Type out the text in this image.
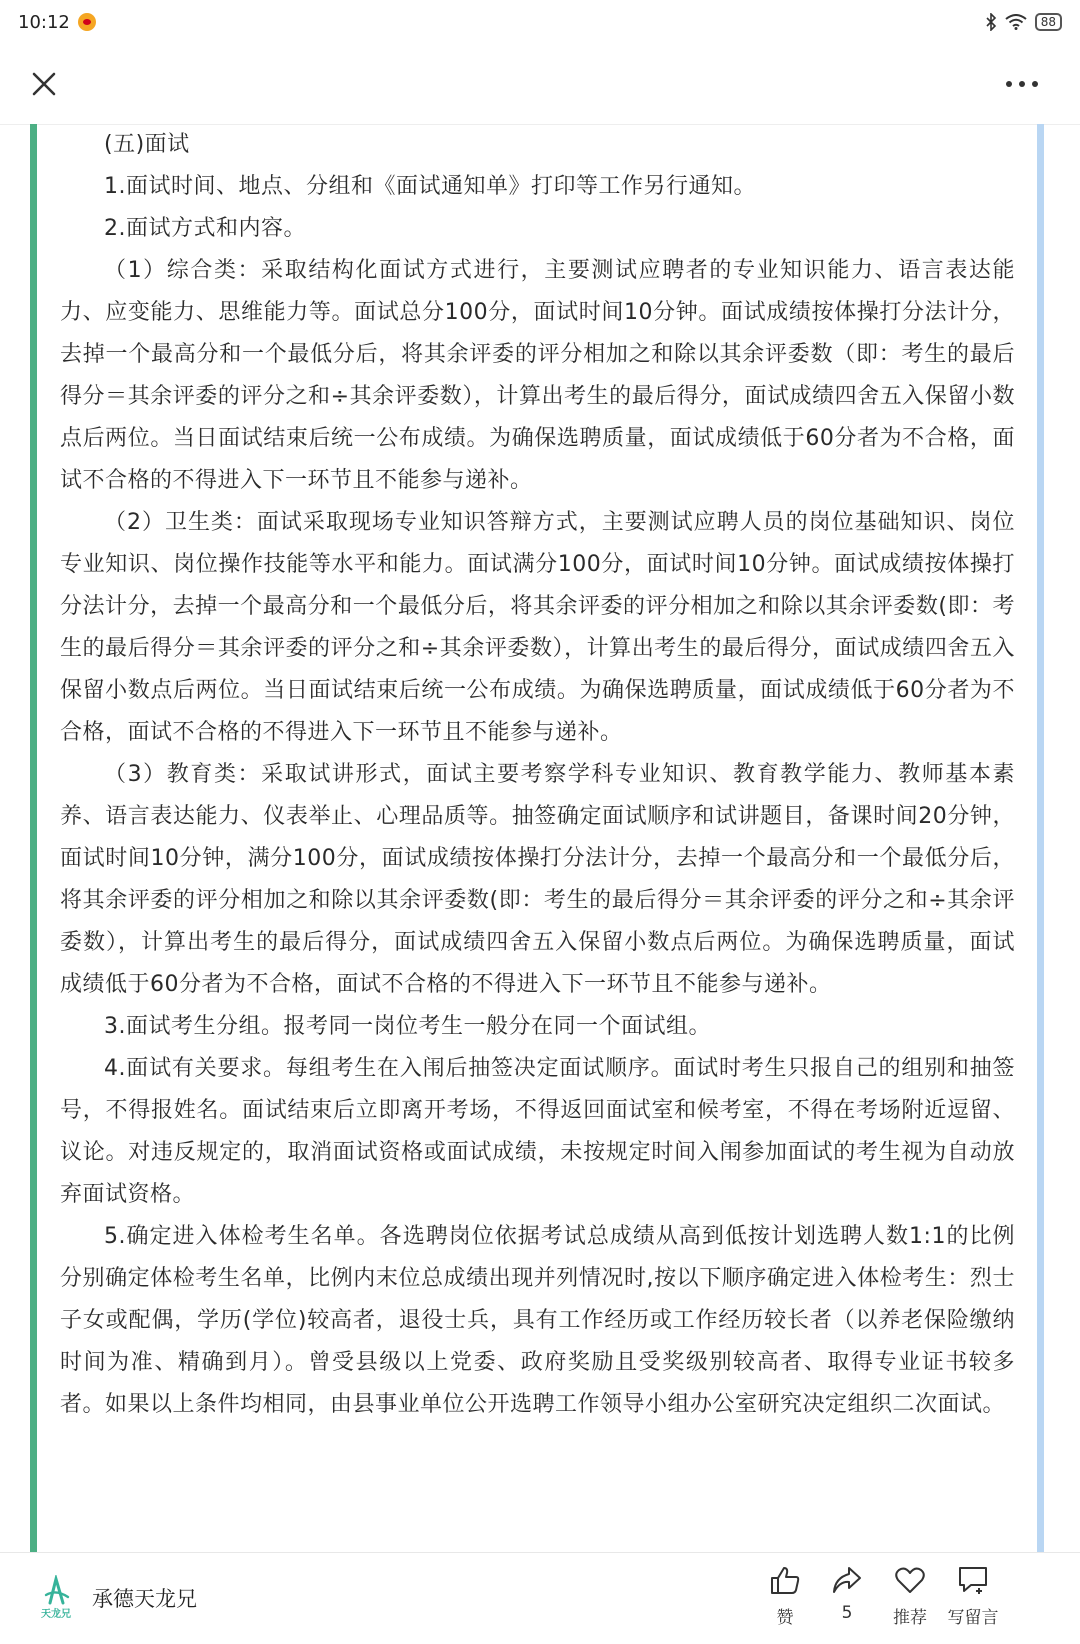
10:12	88

(五)面试

1.面试时间、地点、分组和《面试通知单》打印等工作另行通知。

2.面试方式和内容。

（1）综合类：采取结构化面试方式进行，主要测试应聘者的专业知识能力、语言表达能力、应变能力、思维能力等。面试总分100分，面试时间10分钟。面试成绩按体操打分法计分，去掉一个最高分和一个最低分后，将其余评委的评分相加之和除以其余评委数（即：考生的最后得分＝其余评委的评分之和÷其余评委数），计算出考生的最后得分，面试成绩四舍五入保留小数点后两位。当日面试结束后统一公布成绩。为确保选聘质量，面试成绩低于60分者为不合格，面试不合格的不得进入下一环节且不能参与递补。

（2）卫生类：面试采取现场专业知识答辩方式，主要测试应聘人员的岗位基础知识、岗位专业知识、岗位操作技能等水平和能力。面试满分100分，面试时间10分钟。面试成绩按体操打分法计分，去掉一个最高分和一个最低分后，将其余评委的评分相加之和除以其余评委数(即：考生的最后得分＝其余评委的评分之和÷其余评委数），计算出考生的最后得分，面试成绩四舍五入保留小数点后两位。当日面试结束后统一公布成绩。为确保选聘质量，面试成绩低于60分者为不合格，面试不合格的不得进入下一环节且不能参与递补。

（3）教育类：采取试讲形式，面试主要考察学科专业知识、教育教学能力、教师基本素养、语言表达能力、仪表举止、心理品质等。抽签确定面试顺序和试讲题目，备课时间20分钟，面试时间10分钟，满分100分，面试成绩按体操打分法计分，去掉一个最高分和一个最低分后，将其余评委的评分相加之和除以其余评委数(即：考生的最后得分＝其余评委的评分之和÷其余评委数），计算出考生的最后得分，面试成绩四舍五入保留小数点后两位。为确保选聘质量，面试成绩低于60分者为不合格，面试不合格的不得进入下一环节且不能参与递补。

3.面试考生分组。报考同一岗位考生一般分在同一个面试组。

4.面试有关要求。每组考生在入闱后抽签决定面试顺序。面试时考生只报自己的组别和抽签号，不得报姓名。面试结束后立即离开考场，不得返回面试室和候考室，不得在考场附近逗留、议论。对违反规定的，取消面试资格或面试成绩，未按规定时间入闱参加面试的考生视为自动放弃面试资格。

5.确定进入体检考生名单。各选聘岗位依据考试总成绩从高到低按计划选聘人数1:1的比例分别确定体检考生名单，比例内末位总成绩出现并列情况时,按以下顺序确定进入体检考生：烈士子女或配偶，学历(学位)较高者，退役士兵，具有工作经历或工作经历较长者（以养老保险缴纳时间为准、精确到月）。曾受县级以上党委、政府奖励且受奖级别较高者、取得专业证书较多者。如果以上条件均相同，由县事业单位公开选聘工作领导小组办公室研究决定组织二次面试。

天龙兄
承德天龙兄
赞	5	推荐	写留言
